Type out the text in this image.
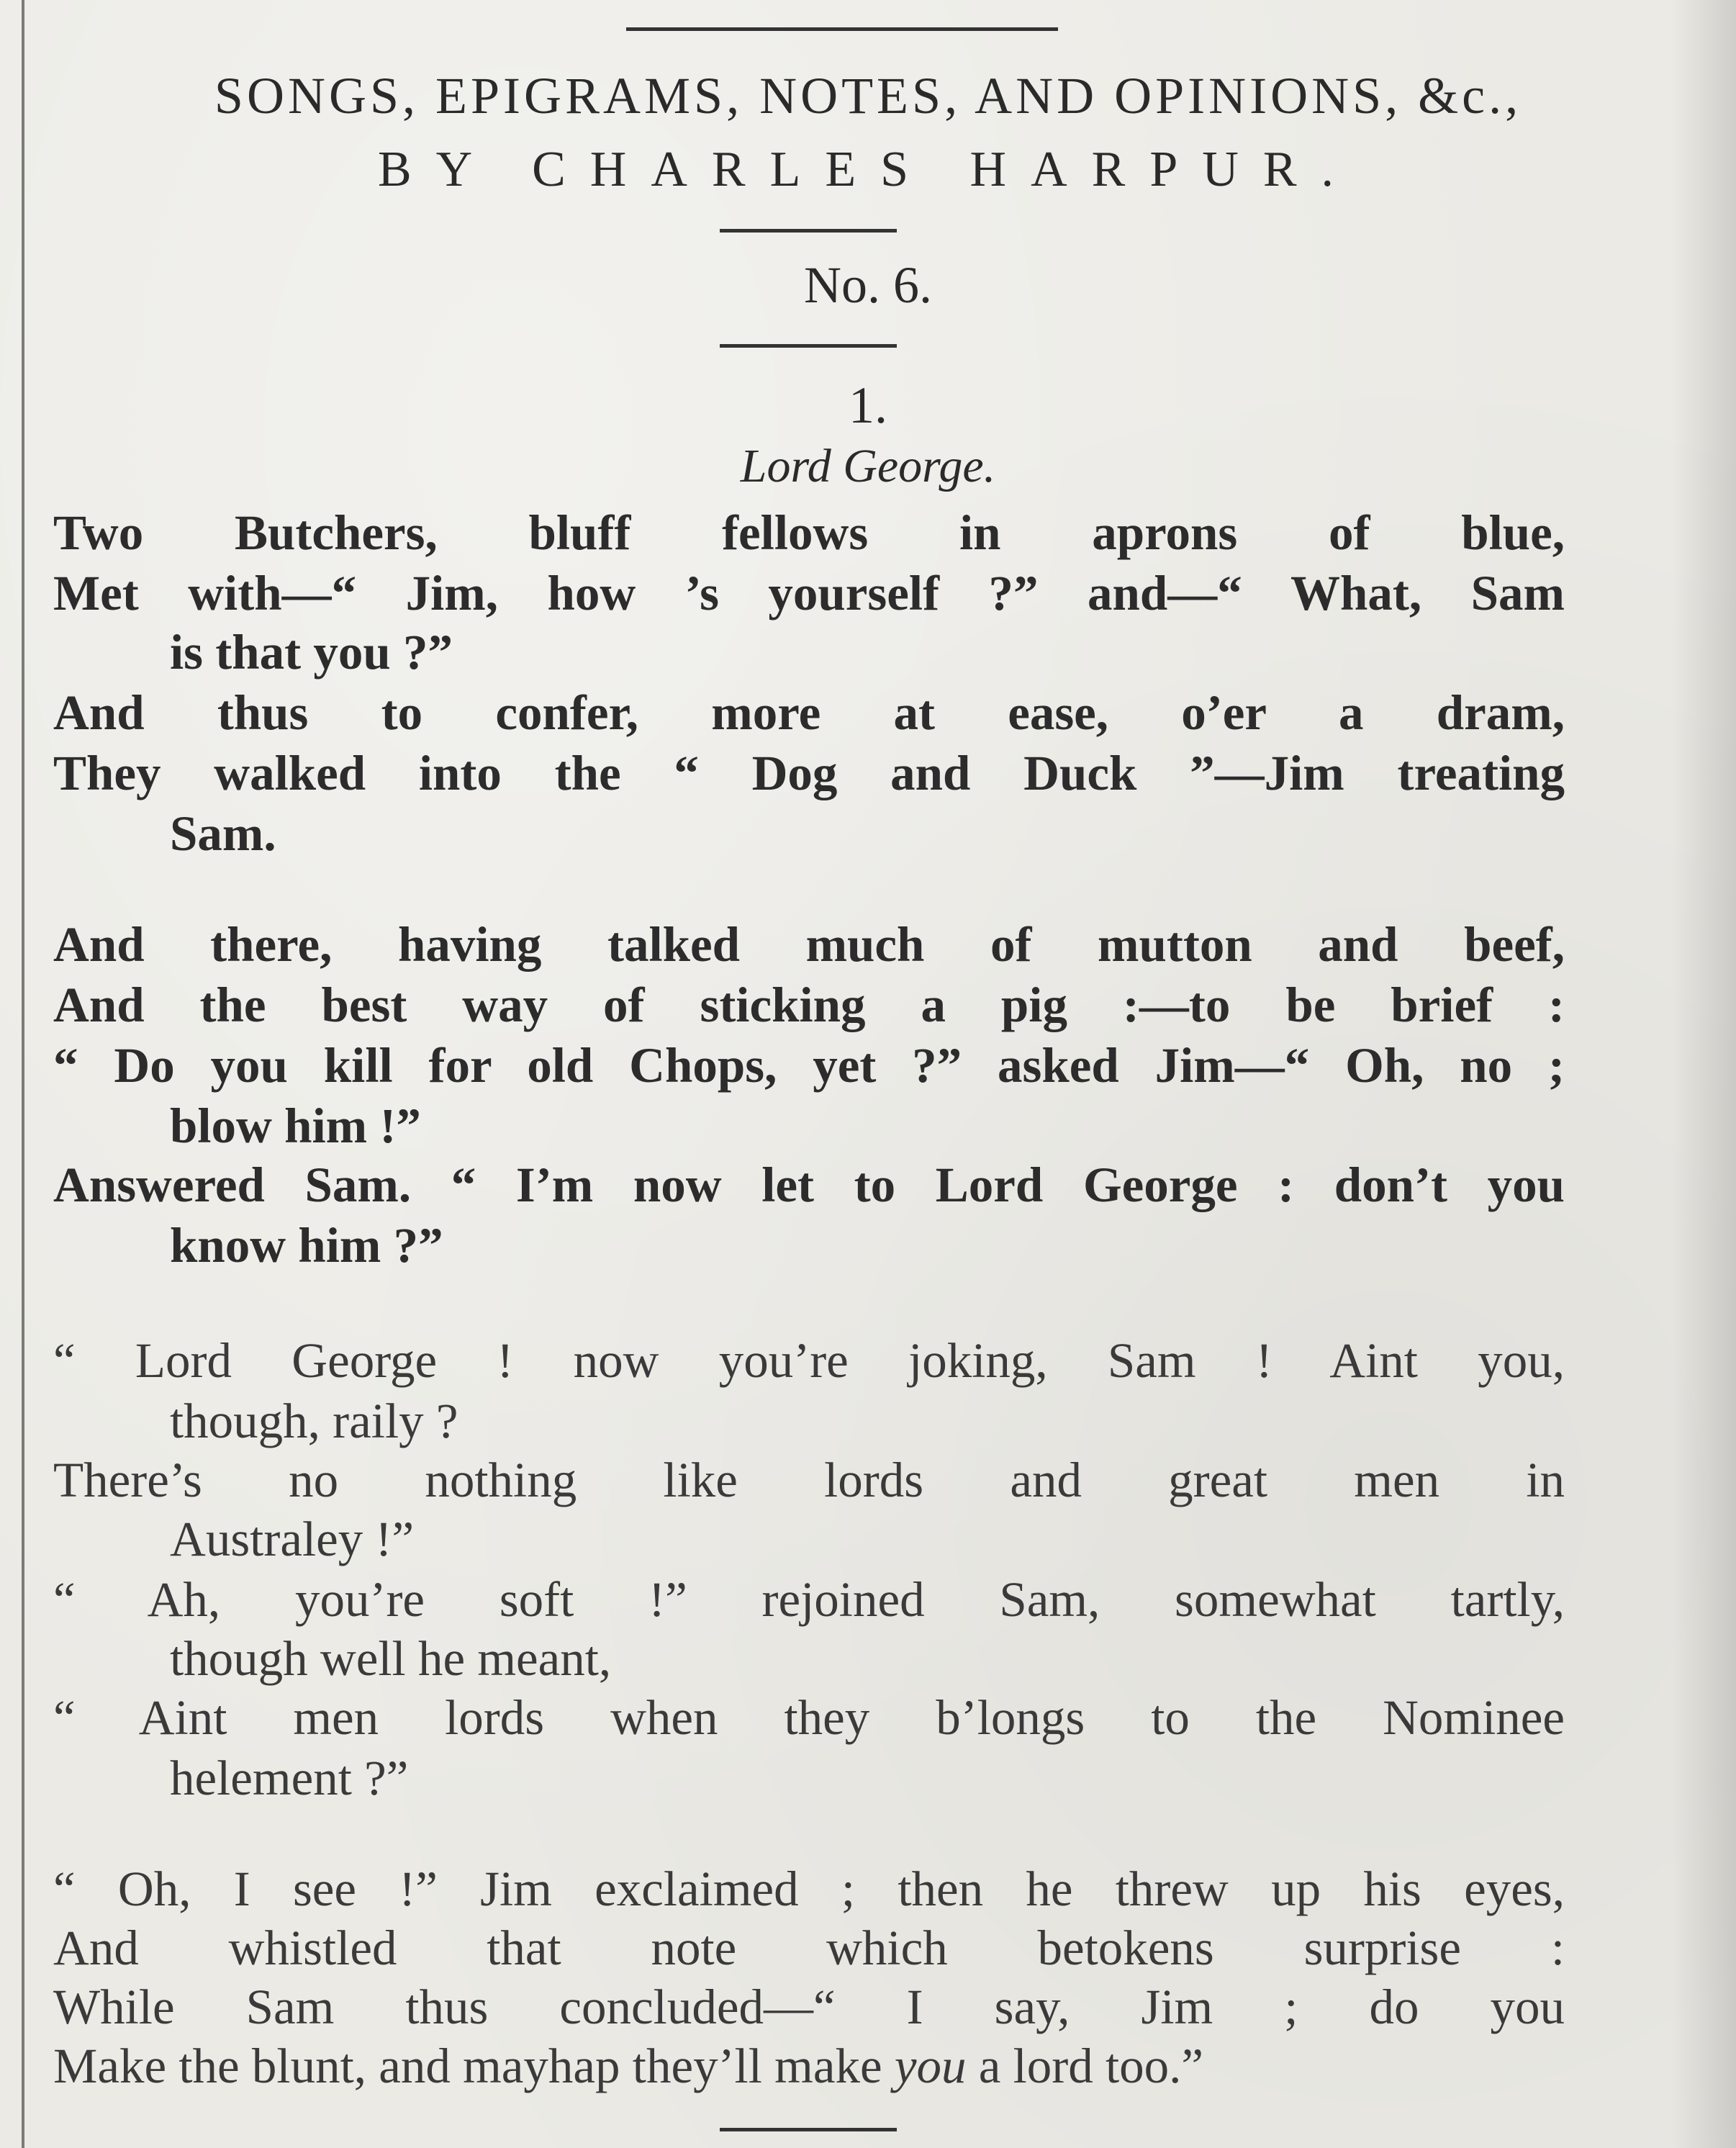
SONGS, EPIGRAMS, NOTES, AND OPINIONS, &c.,
BY CHARLES HARPUR.
No. 6.
1.
Lord George.
Two Butchers, bluff fellows in aprons of blue,
Met with—“ Jim, how ’s yourself ?” and—“ What, Sam
is that you ?”
And thus to confer, more at ease, o’er a dram,
They walked into the “ Dog and Duck ”—Jim treating
Sam.
And there, having talked much of mutton and beef,
And the best way of sticking a pig :—to be brief :
“ Do you kill for old Chops, yet ?” asked Jim—“ Oh, no ;
blow him !”
Answered Sam. “ I’m now let to Lord George : don’t you
know him ?”
“ Lord George ! now you’re joking, Sam ! Aint you,
though, raily ?
There’s no nothing like lords and great men in
Australey !”
“ Ah, you’re soft !” rejoined Sam, somewhat tartly,
though well he meant,
“ Aint men lords when they b’longs to the Nominee
helement ?”
“ Oh, I see !” Jim exclaimed ; then he threw up his eyes,
And whistled that note which betokens surprise :
While Sam thus concluded—“ I say, Jim ; do you
Make the blunt, and mayhap they’ll make you a lord too.”
